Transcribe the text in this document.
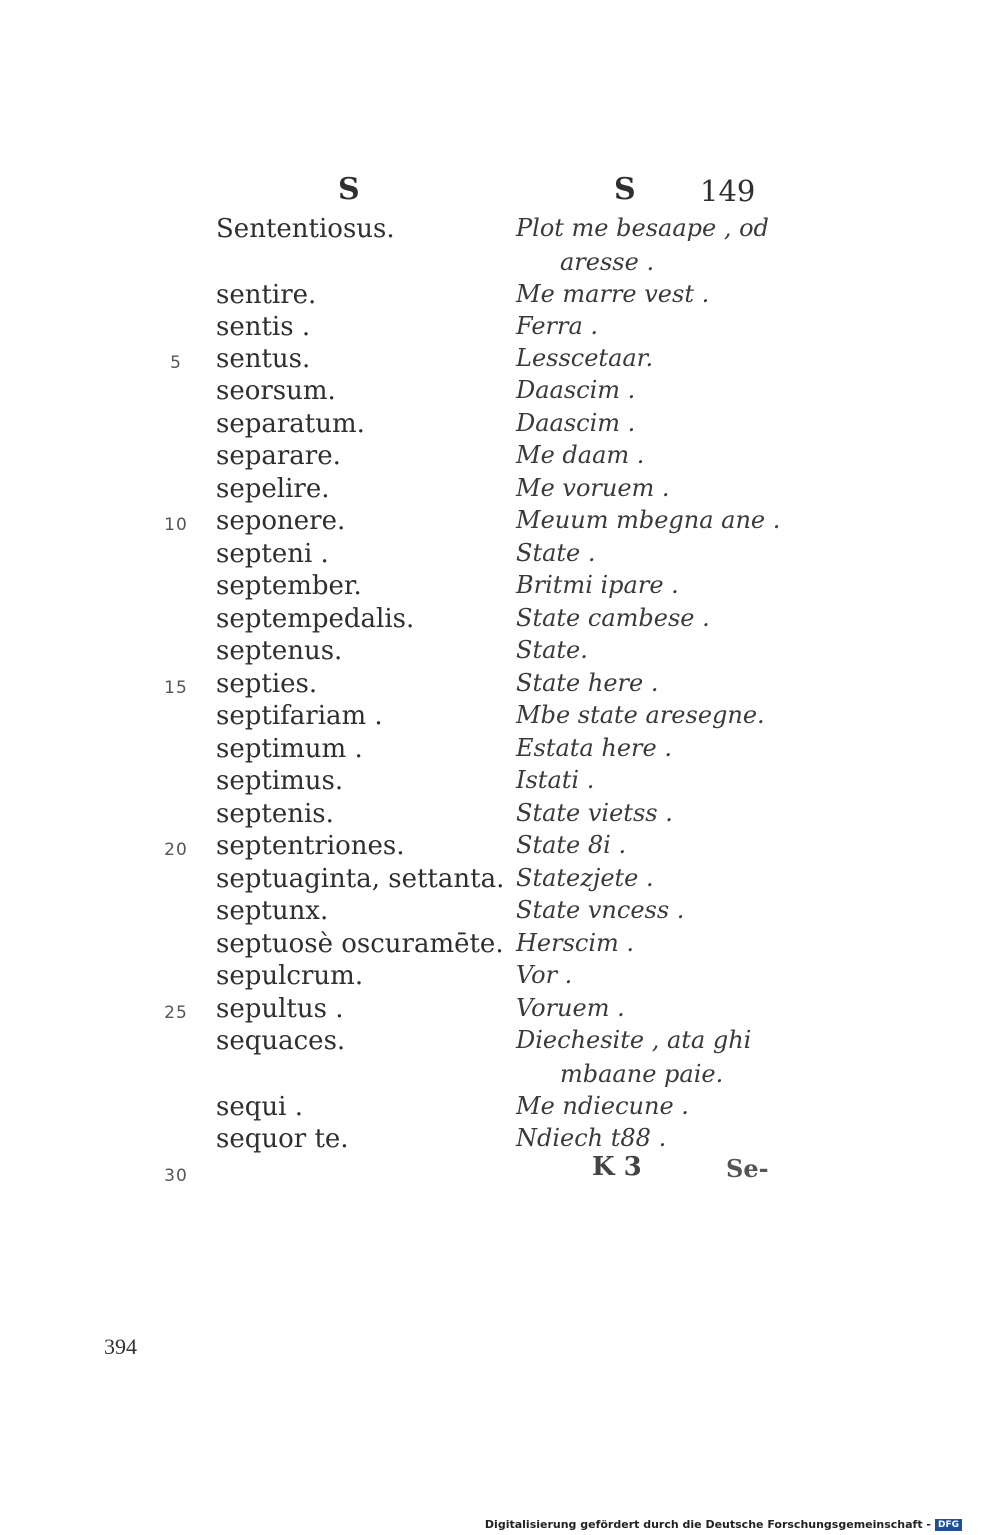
S	S 149
Sententiosus.	Plot me besaape , od
aresse .
sentire.	Me marre vest .
sentis .	Ferra .
5	sentus.	Lesscetaar.
seorsum.	Daascim .
separatum.	Daascim .
separare.	Me daam .
sepelire.	Me voruem .
10 seponere.	Meuum mbegna ane .
septeni .	State .
september.	Britmi ipare .
septempedalis.	State cambese .
septenus.	State.
15 septies.	State here .
septifariam .	Mbe state aresegne.
septimum .	Estata here .
septimus.	Istati .
septenis.	State vietss .
20 septentriones.	State 8i .
septuaginta, settanta. Statezjete .
septunx.	State vncess .
septuosè oscuramēte. Herscim .
sepulcrum.	Vor .
25 sepultus .	Voruem .
sequaces.	Diechesite , ata ghi
mbaane paie.
sequi .	Me ndiecune .
sequor te.	Ndiech t88 .
30	K 3	Se-
394
Digitalisierung gefördert durch die Deutsche Forschungsgemeinschaft - DFG
